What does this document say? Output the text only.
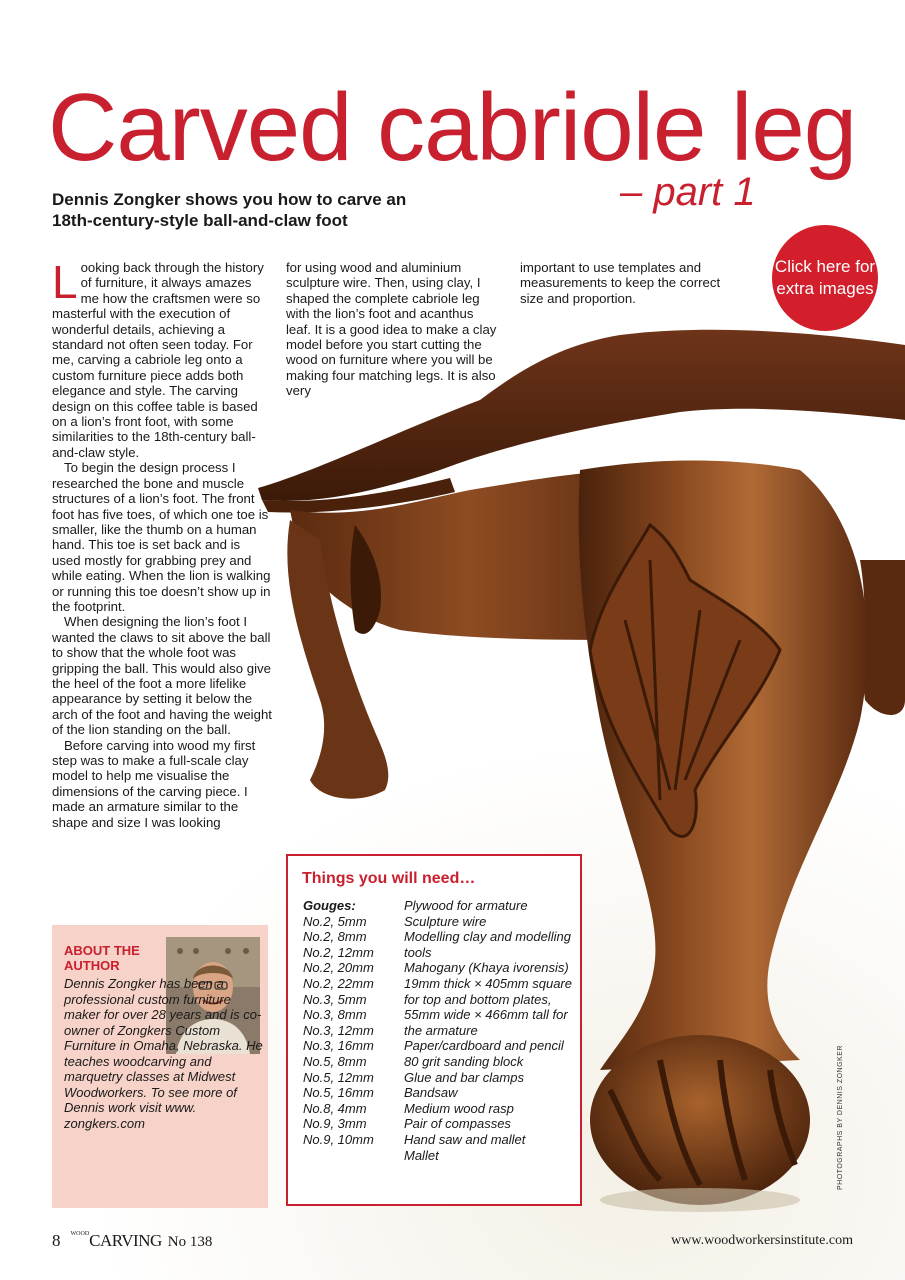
Carved cabriole leg
– part 1
Dennis Zongker shows you how to carve an 18th-century-style ball-and-claw foot

Looking back through the history of furniture, it always amazes me how the craftsmen were so masterful with the execution of wonderful details, achieving a standard not often seen today. For me, carving a cabriole leg onto a custom furniture piece adds both elegance and style. The carving design on this coffee table is based on a lion’s front foot, with some similarities to the 18th-century ball-and-claw style.

To begin the design process I researched the bone and muscle structures of a lion’s foot. The front foot has five toes, of which one toe is smaller, like the thumb on a human hand. This toe is set back and is used mostly for grabbing prey and while eating. When the lion is walking or running this toe doesn’t show up in the footprint.

When designing the lion’s foot I wanted the claws to sit above the ball to show that the whole foot was gripping the ball. This would also give the heel of the foot a more lifelike appearance by setting it below the arch of the foot and having the weight of the lion standing on the ball.

Before carving into wood my first step was to make a full-scale clay model to help me visualise the dimensions of the carving piece. I made an armature similar to the shape and size I was looking

for using wood and aluminium sculpture wire. Then, using clay, I shaped the complete cabriole leg with the lion’s foot and acanthus leaf. It is a good idea to make a clay model before you start cutting the wood on furniture where you will be making four matching legs. It is also very

important to use templates and measurements to keep the correct size and proportion.

Click here for extra images
ABOUT THE AUTHOR
Dennis Zongker has been a professional custom furniture maker for over 28 years and is co-owner of Zongkers Custom Furniture in Omaha, Nebraska. He teaches woodcarving and marquetry classes at Midwest Woodworkers. To see more of Dennis work visit www. zongkers.com
Things you will need…
Gouges:
No.2, 5mm
No.2, 8mm
No.2, 12mm
No.2, 20mm
No.2, 22mm
No.3, 5mm
No.3, 8mm
No.3, 12mm
No.3, 16mm
No.5, 8mm
No.5, 12mm
No.5, 16mm
No.8, 4mm
No.9, 3mm
No.9, 10mm
Plywood for armature
Sculpture wire
Modelling clay and modelling tools
Mahogany (Khaya ivorensis) 19mm thick × 405mm square for top and bottom plates, 55mm wide × 466mm tall for the armature
Paper/cardboard and pencil
80 grit sanding block
Glue and bar clamps
Bandsaw
Medium wood rasp
Pair of compasses
Hand saw and mallet
Mallet	PHOTOGRAPHS BY DENNIS ZONGKER
8 $^{WOOD}$CARVING No 138	www.woodworkersinstitute.com
